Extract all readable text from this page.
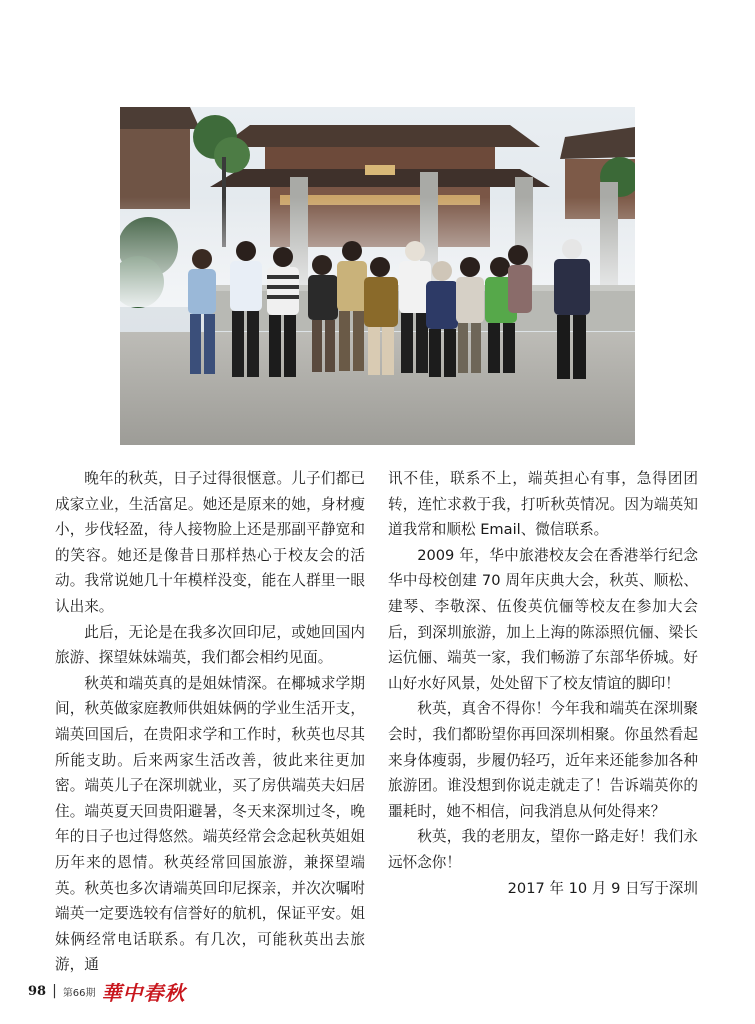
晚年的秋英，日子过得很惬意。儿子们都已成家立业，生活富足。她还是原来的她，身材瘦小，步伐轻盈，待人接物脸上还是那副平静宽和的笑容。她还是像昔日那样热心于校友会的活动。我常说她几十年模样没变，能在人群里一眼认出来。

此后，无论是在我多次回印尼，或她回国内旅游、探望妹妹端英，我们都会相约见面。

秋英和端英真的是姐妹情深。在椰城求学期间，秋英做家庭教师供姐妹俩的学业生活开支，端英回国后，在贵阳求学和工作时，秋英也尽其所能支助。后来两家生活改善，彼此来往更加密。端英儿子在深圳就业，买了房供端英夫妇居住。端英夏天回贵阳避暑，冬天来深圳过冬，晚年的日子也过得悠然。端英经常会念起秋英姐姐历年来的恩情。秋英经常回国旅游，兼探望端英。秋英也多次请端英回印尼探亲，并次次嘱咐端英一定要选较有信誉好的航机，保证平安。姐妹俩经常电话联系。有几次，可能秋英出去旅游，通

讯不佳，联系不上，端英担心有事，急得团团转，连忙求救于我，打听秋英情况。因为端英知道我常和顺松 Email、微信联系。

2009 年，华中旅港校友会在香港举行纪念华中母校创建 70 周年庆典大会，秋英、顺松、建琴、李敬深、伍俊英伉俪等校友在参加大会后，到深圳旅游，加上上海的陈添照伉俪、梁长运伉俪、端英一家，我们畅游了东部华侨城。好山好水好风景，处处留下了校友情谊的脚印！

秋英，真舍不得你！今年我和端英在深圳聚会时，我们都盼望你再回深圳相聚。你虽然看起来身体瘦弱，步履仍轻巧，近年来还能参加各种旅游团。谁没想到你说走就走了！告诉端英你的噩耗时，她不相信，问我消息从何处得来？

秋英，我的老朋友，望你一路走好！我们永远怀念你！

2017 年 10 月 9 日写于深圳

98 | 第66期 華中春秋
